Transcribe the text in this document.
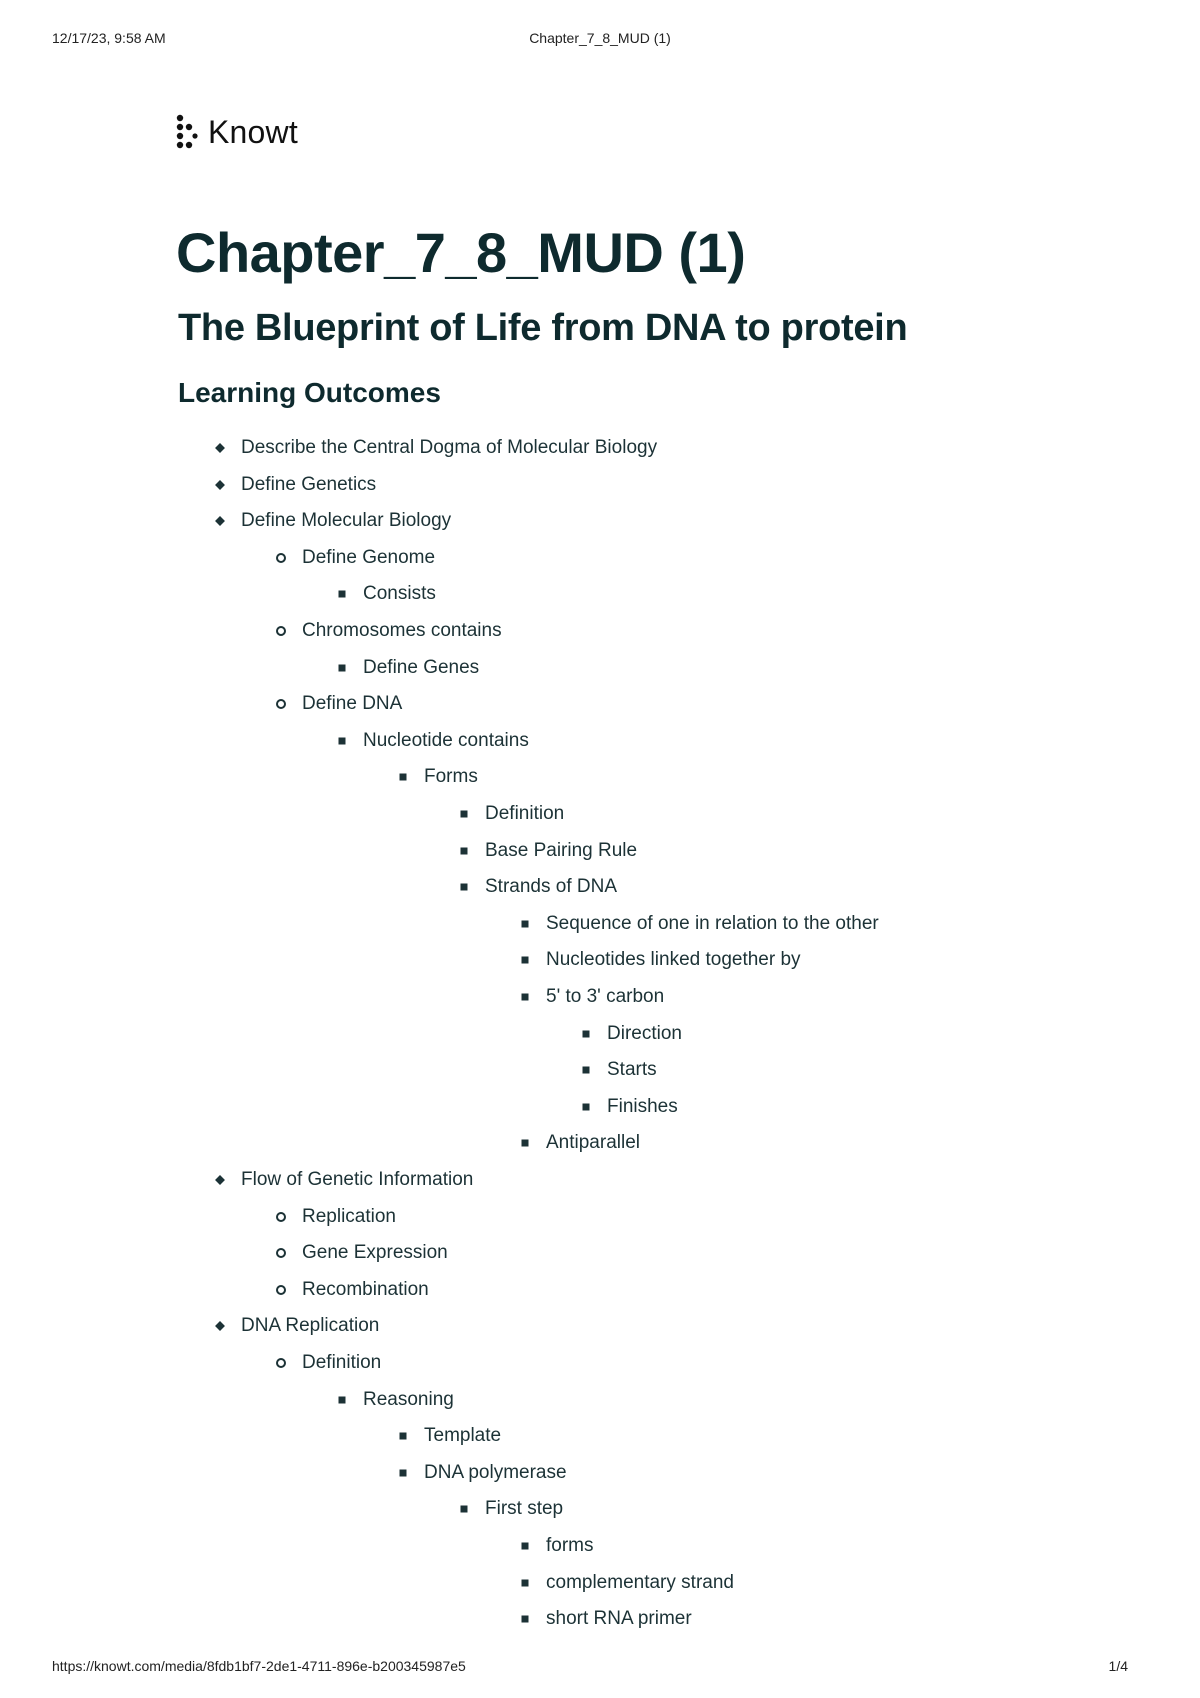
12/17/23, 9:58 AM	Chapter_7_8_MUD (1)
Knowt
Chapter_7_8_MUD (1)
The Blueprint of Life from DNA to protein
Learning Outcomes
Describe the Central Dogma of Molecular Biology
Define Genetics
Define Molecular Biology
Define Genome
Consists
Chromosomes contains
Define Genes
Define DNA
Nucleotide contains
Forms
Definition
Base Pairing Rule
Strands of DNA
Sequence of one in relation to the other
Nucleotides linked together by
5' to 3' carbon
Direction
Starts
Finishes
Antiparallel
Flow of Genetic Information
Replication
Gene Expression
Recombination
DNA Replication
Definition
Reasoning
Template
DNA polymerase
First step
forms
complementary strand
short RNA primer
https://knowt.com/media/8fdb1bf7-2de1-4711-896e-b200345987e5	1/4
